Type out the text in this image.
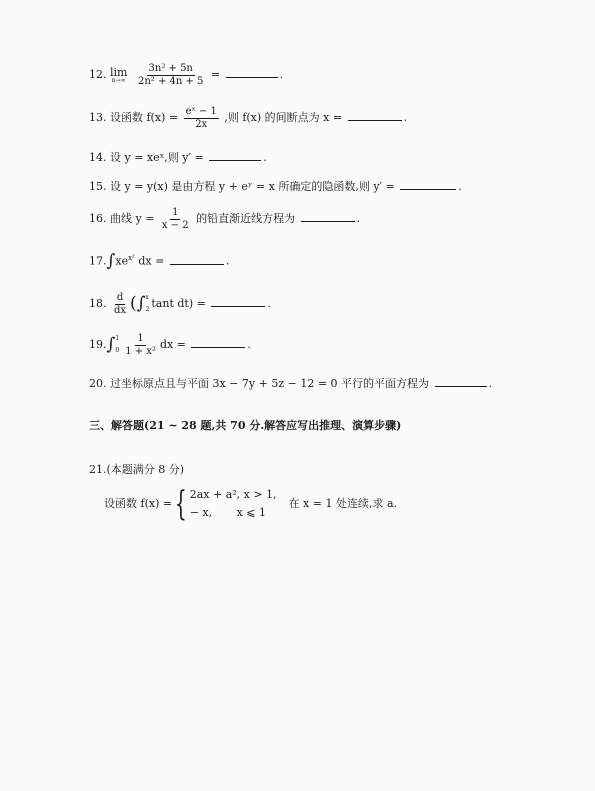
12. lim
n→∞
$\frac{\text{3n² + 5n}}{\text{2n² + 4n + 5}}$ =	.
13. 设函数 $f(x) = \frac{\text{eˣ − 1}}{2x}$ ,则 f(x) 的间断点为 x =	.
14. 设 y = xeˣ,则 y′ =	.
15. 设 y = y(x) 是由方程 y + eʸ = x 所确定的隐函数,则 y′ =	.
16. 曲线 $y = \frac{1}{x - 2}$ 的铅直渐近线方程为	.
$17.\int xe^{x^2}$ dx =	.
18. $\frac{d}{dx}$ (∫ x
2 tant dt) =	.
19.∫ 1
$0 \frac{1}{\text{1 + x²}}$ dx =	.
20. 过坐标原点且与平面 3x − 7y + 5z − 12 = 0 平行的平面方程为	.
三、解答题(21 ~ 28 题,共 70 分.解答应写出推理、演算步骤)
21.(本题满分 8 分)
设函数 f(x) = { 2ax + a², x > 1,
− x,       x ⩽ 1
在 x = 1 处连续,求 a.
